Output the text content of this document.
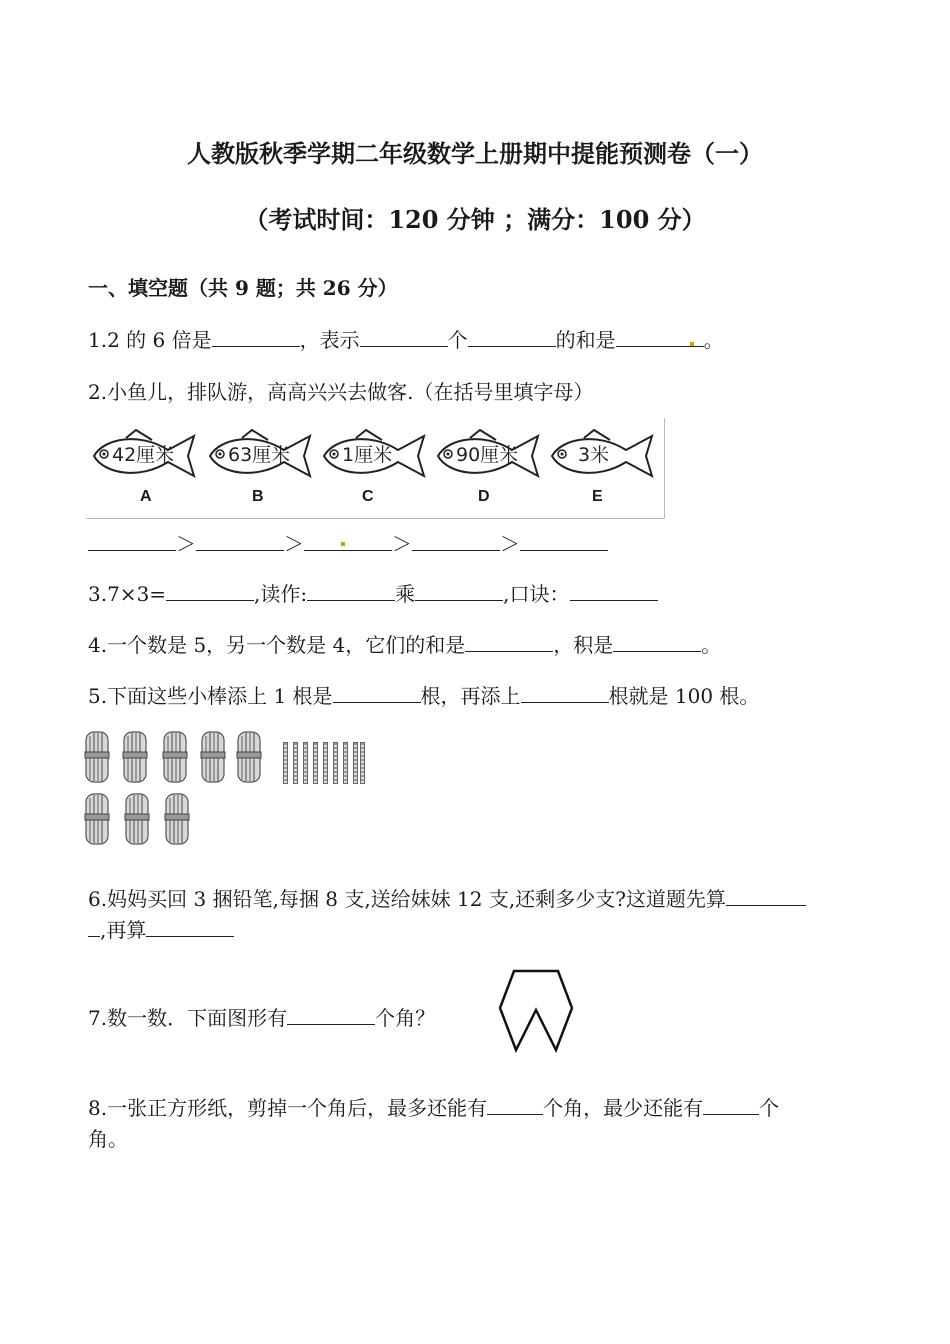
人教版秋季学期二年级数学上册期中提能预测卷（一）
（考试时间：120 分钟 ；满分：100 分）
一、填空题（共 9 题；共 26 分）
1.2 的 6 倍是	，表示	个	的和是	。
2.小鱼儿，排队游，高高兴兴去做客.（在括号里填字母）
42厘米
A
63厘米
B
1厘米
C
90厘米
D
3米
E
＞	＞	＞	＞
3.7×3=	,读作:	乘	,口诀：
4.一个数是 5，另一个数是 4，它们的和是	，积是	。
5.下面这些小棒添上 1 根是	根，再添上	根就是 100 根。
6.妈妈买回 3 捆铅笔,每捆 8 支,送给妹妹 12 支,还剩多少支?这道题先算
,再算
7.数一数．下面图形有	个角？
8.一张正方形纸，剪掉一个角后，最多还能有	个角，最少还能有	个
角。
